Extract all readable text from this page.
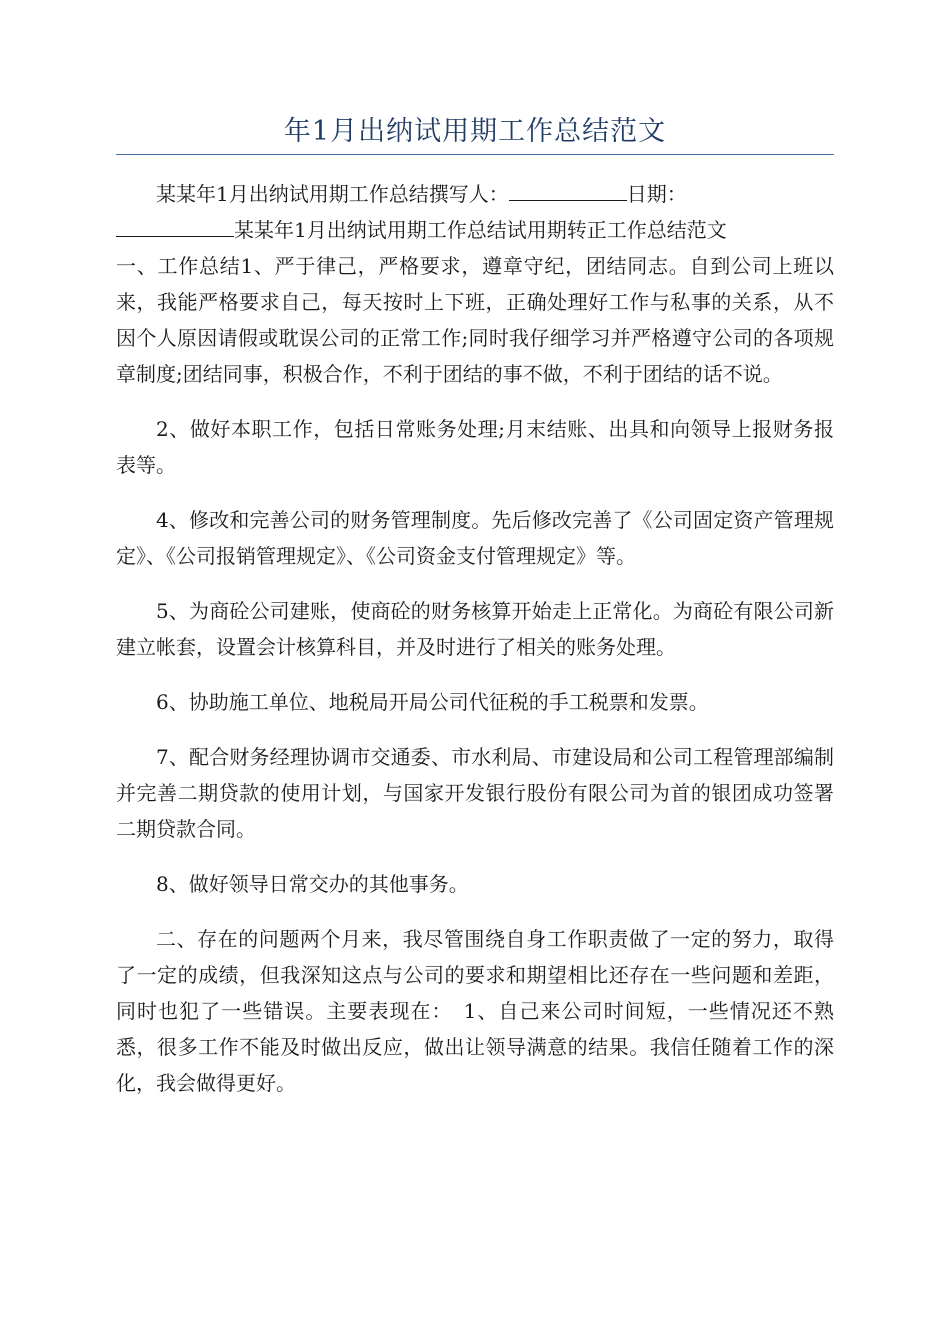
年1月出纳试用期工作总结范文

某某年1月出纳试用期工作总结撰写人：	日期：
某某年1月出纳试用期工作总结试用期转正工作总结范文
一、工作总结1、严于律己，严格要求，遵章守纪，团结同志。自到公司上班以来，我能严格要求自己，每天按时上下班，正确处理好工作与私事的关系，从不因个人原因请假或耽误公司的正常工作;同时我仔细学习并严格遵守公司的各项规章制度;团结同事，积极合作，不利于团结的事不做，不利于团结的话不说。

2、做好本职工作，包括日常账务处理;月末结账、出具和向领导上报财务报表等。

4、修改和完善公司的财务管理制度。先后修改完善了《公司固定资产管理规定》、《公司报销管理规定》、《公司资金支付管理规定》等。

5、为商砼公司建账，使商砼的财务核算开始走上正常化。为商砼有限公司新建立帐套，设置会计核算科目，并及时进行了相关的账务处理。

6、协助施工单位、地税局开局公司代征税的手工税票和发票。

7、配合财务经理协调市交通委、市水利局、市建设局和公司工程管理部编制并完善二期贷款的使用计划，与国家开发银行股份有限公司为首的银团成功签署二期贷款合同。

8、做好领导日常交办的其他事务。

二、存在的问题两个月来，我尽管围绕自身工作职责做了一定的努力，取得了一定的成绩，但我深知这点与公司的要求和期望相比还存在一些问题和差距，同时也犯了一些错误。主要表现在：　1、自己来公司时间短，一些情况还不熟悉，很多工作不能及时做出反应，做出让领导满意的结果。我信任随着工作的深化，我会做得更好。
